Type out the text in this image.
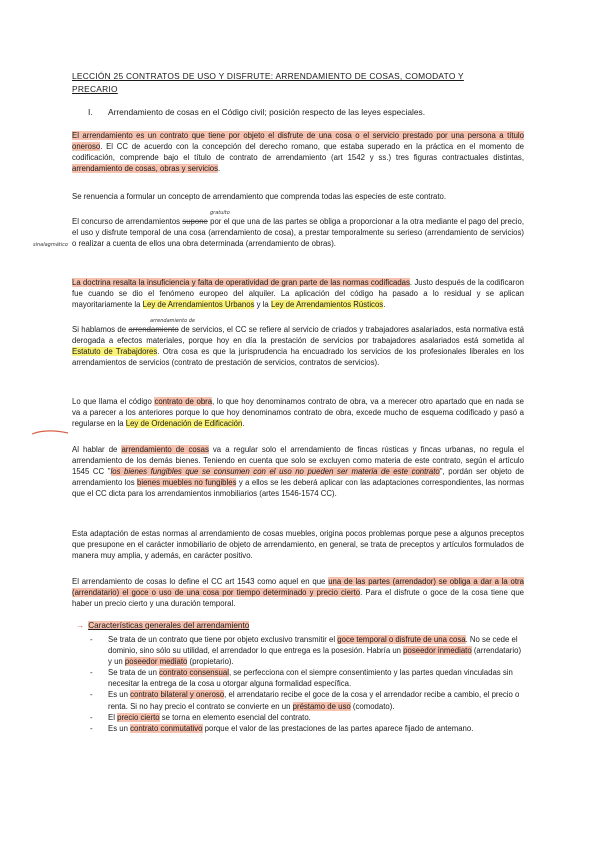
LECCIÓN 25 CONTRATOS DE USO Y DISFRUTE: ARRENDAMIENTO DE COSAS, COMODATO Y PRECARIO
I. Arrendamiento de cosas en el Código civil; posición respecto de las leyes especiales.
El arrendamiento es un contrato que tiene por objeto el disfrute de una cosa o el servicio prestado por una persona a título oneroso. El CC de acuerdo con la concepción del derecho romano, que estaba superado en la práctica en el momento de codificación, comprende bajo el título de contrato de arrendamiento (art 1542 y ss.) tres figuras contractuales distintas, arrendamiento de cosas, obras y servicios.
Se renuencia a formular un concepto de arrendamiento que comprenda todas las especies de este contrato.
gratuito
El concurso de arrendamientos supone por el que una de las partes se obliga a proporcionar a la otra mediante el pago del precio, el uso y disfrute temporal de una cosa (arrendamiento de cosa), a prestar temporalmente su serieso (arrendamiento de servicios) o realizar a cuenta de ellos una obra determinada (arrendamiento de obras).
sinalagmático
La doctrina resalta la insuficiencia y falta de operatividad de gran parte de las normas codificadas. Justo después de la codificaron fue cuando se dio el fenómeno europeo del alquiler. La aplicación del código ha pasado a lo residual y se aplican mayoritariamente la Ley de Arrendamientos Urbanos y la Ley de Arrendamientos Rústicos.
arrendamiento de
Si hablamos de arrendamiento de servicios, el CC se refiere al servicio de criados y trabajadores asalariados, esta normativa está derogada a efectos materiales, porque hoy en día la prestación de servicios por trabajadores asalariados está sometida al Estatuto de Trabajdores. Otra cosa es que la jurisprudencia ha encuadrado los servicios de los profesionales liberales en los arrendamientos de servicios (contrato de prestación de servicios, contratos de servicios).
Lo que llama el código contrato de obra, lo que hoy denominamos contrato de obra, va a merecer otro apartado que en nada se va a parecer a los anteriores porque lo que hoy denominamos contrato de obra, excede mucho de esquema codificado y pasó a regularse en la Ley de Ordenación de Edificación.
Al hablar de arrendamiento de cosas va a regular solo el arrendamiento de fincas rústicas y fincas urbanas, no regula el arrendamiento de los demás bienes. Teniendo en cuenta que solo se excluyen como materia de este contrato, según el artículo 1545 CC "los bienes fungibles que se consumen con el uso no pueden ser materia de este contrato", pordán ser objeto de arrendamiento los bienes muebles no fungibles y a ellos se les deberá aplicar con las adaptaciones correspondientes, las normas que el CC dicta para los arrendamientos inmobiliarios (artes 1546-1574 CC).
Esta adaptación de estas normas al arrendamiento de cosas muebles, origina pocos problemas porque pese a algunos preceptos que presupone en el carácter inmobiliario de objeto de arrendamiento, en general, se trata de preceptos y artículos formulados de manera muy amplia, y además, en carácter positivo.
El arrendamiento de cosas lo define el CC art 1543 como aquel en que una de las partes (arrendador) se obliga a dar a la otra (arrendatario) el goce o uso de una cosa por tiempo determinado y precio cierto. Para el disfrute o goce de la cosa tiene que haber un precio cierto y una duración temporal.
→ Características generales del arrendamiento
- Se trata de un contrato que tiene por objeto exclusivo transmitir el goce temporal o disfrute de una cosa. No se cede el dominio, sino sólo su utilidad, el arrendador lo que entrega es la posesión. Habría un poseedor inmediato (arrendatario) y un poseedor mediato (propietario).
- Se trata de un contrato consensual, se perfecciona con el siempre consentimiento y las partes quedan vinculadas sin necesitar la entrega de la cosa u otorgar alguna formalidad específica.
- Es un contrato bilateral y oneroso, el arrendatario recibe el goce de la cosa y el arrendador recibe a cambio, el precio o renta. Si no hay precio el contrato se convierte en un préstamo de uso (comodato).
- El precio cierto se torna en elemento esencial del contrato.
- Es un contrato conmutativo porque el valor de las prestaciones de las partes aparece fijado de antemano.
